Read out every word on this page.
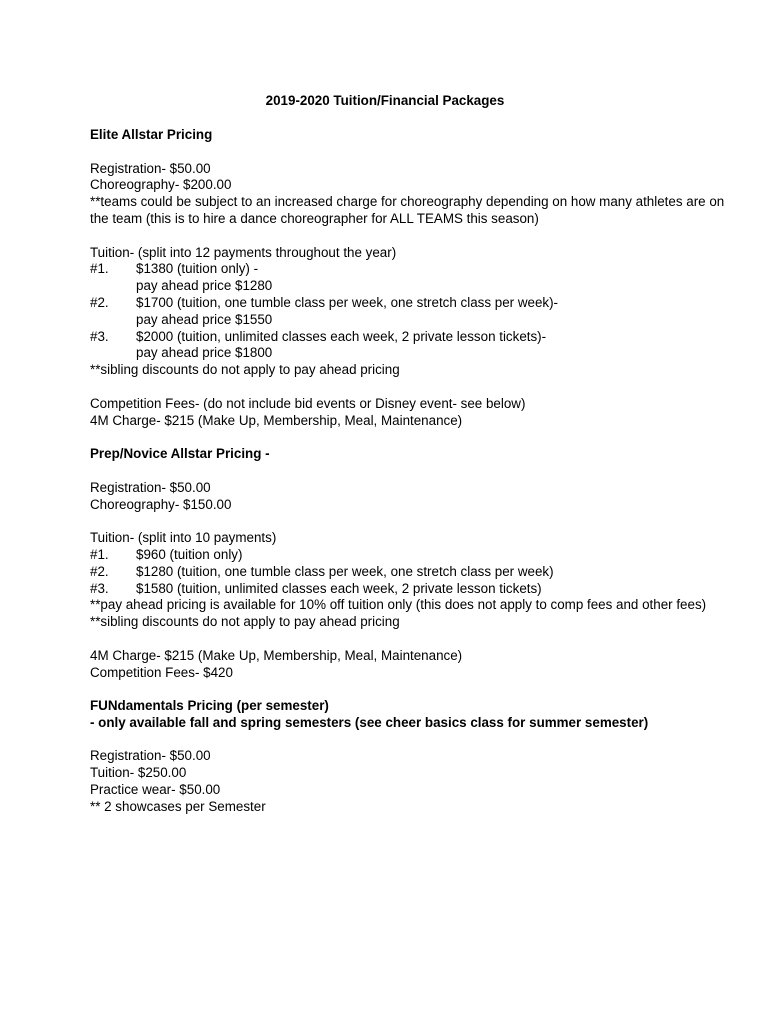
2019-2020 Tuition/Financial Packages
Elite Allstar Pricing
Registration- $50.00
Choreography- $200.00
**teams could be subject to an increased charge for choreography depending on how many athletes are on the team (this is to hire a dance choreographer for ALL TEAMS this season)
Tuition- (split into 12 payments throughout the year)
#1.	$1380 (tuition only) -
pay ahead price $1280
#2.	$1700 (tuition, one tumble class per week, one stretch class per week)-
pay ahead price $1550
#3.	$2000 (tuition, unlimited classes each week, 2 private lesson tickets)-
pay ahead price $1800
**sibling discounts do not apply to pay ahead pricing
Competition Fees- (do not include bid events or Disney event- see below)
4M Charge- $215 (Make Up, Membership, Meal, Maintenance)
Prep/Novice Allstar Pricing -
Registration- $50.00
Choreography- $150.00
Tuition- (split into 10 payments)
#1.	$960 (tuition only)
#2.	$1280 (tuition, one tumble class per week, one stretch class per week)
#3.	$1580 (tuition, unlimited classes each week, 2 private lesson tickets)
**pay ahead pricing is available for 10% off tuition only (this does not apply to comp fees and other fees)
**sibling discounts do not apply to pay ahead pricing
4M Charge- $215 (Make Up, Membership, Meal, Maintenance)
Competition Fees- $420
FUNdamentals Pricing (per semester)
- only available fall and spring semesters (see cheer basics class for summer semester)
Registration- $50.00
Tuition- $250.00
Practice wear- $50.00
** 2 showcases per Semester
